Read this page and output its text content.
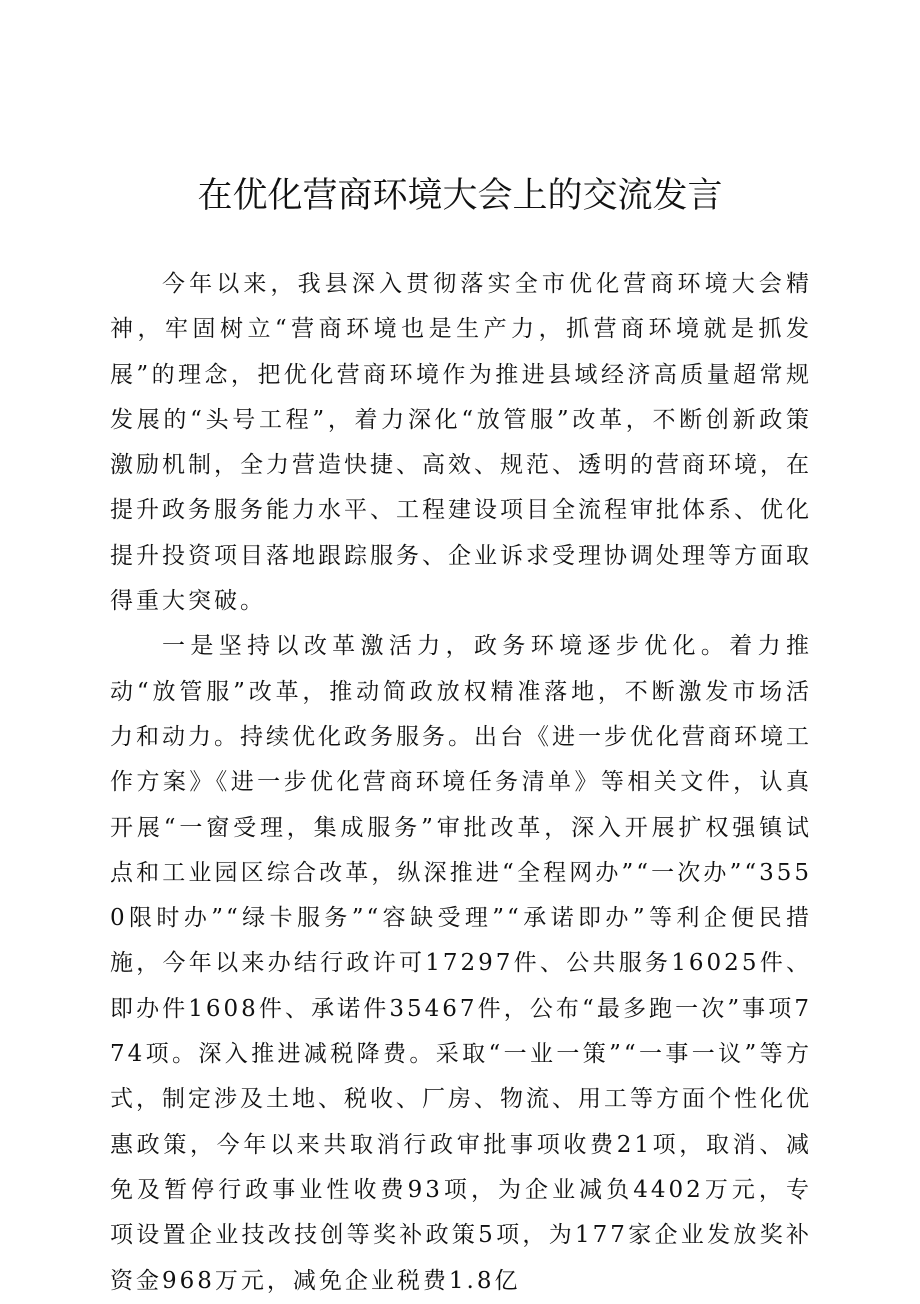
在优化营商环境大会上的交流发言

今年以来，我县深入贯彻落实全市优化营商环境大会精神，牢固树立“营商环境也是生产力，抓营商环境就是抓发展”的理念，把优化营商环境作为推进县域经济高质量超常规发展的“头号工程”，着力深化“放管服”改革，不断创新政策激励机制，全力营造快捷、高效、规范、透明的营商环境，在提升政务服务能力水平、工程建设项目全流程审批体系、优化提升投资项目落地跟踪服务、企业诉求受理协调处理等方面取得重大突破。

一是坚持以改革激活力，政务环境逐步优化。着力推动“放管服”改革，推动简政放权精准落地，不断激发市场活力和动力。持续优化政务服务。出台《进一步优化营商环境工作方案》《进一步优化营商环境任务清单》等相关文件，认真开展“一窗受理，集成服务”审批改革，深入开展扩权强镇试点和工业园区综合改革，纵深推进“全程网办”“一次办”“3550限时办”“绿卡服务”“容缺受理”“承诺即办”等利企便民措施，今年以来办结行政许可17297件、公共服务16025件、即办件1608件、承诺件35467件，公布“最多跑一次”事项774项。深入推进减税降费。采取“一业一策”“一事一议”等方式，制定涉及土地、税收、厂房、物流、用工等方面个性化优惠政策，今年以来共取消行政审批事项收费21项，取消、减免及暂停行政事业性收费93项，为企业减负4402万元，专项设置企业技改技创等奖补政策5项，为177家企业发放奖补资金968万元，减免企业税费1.8亿
